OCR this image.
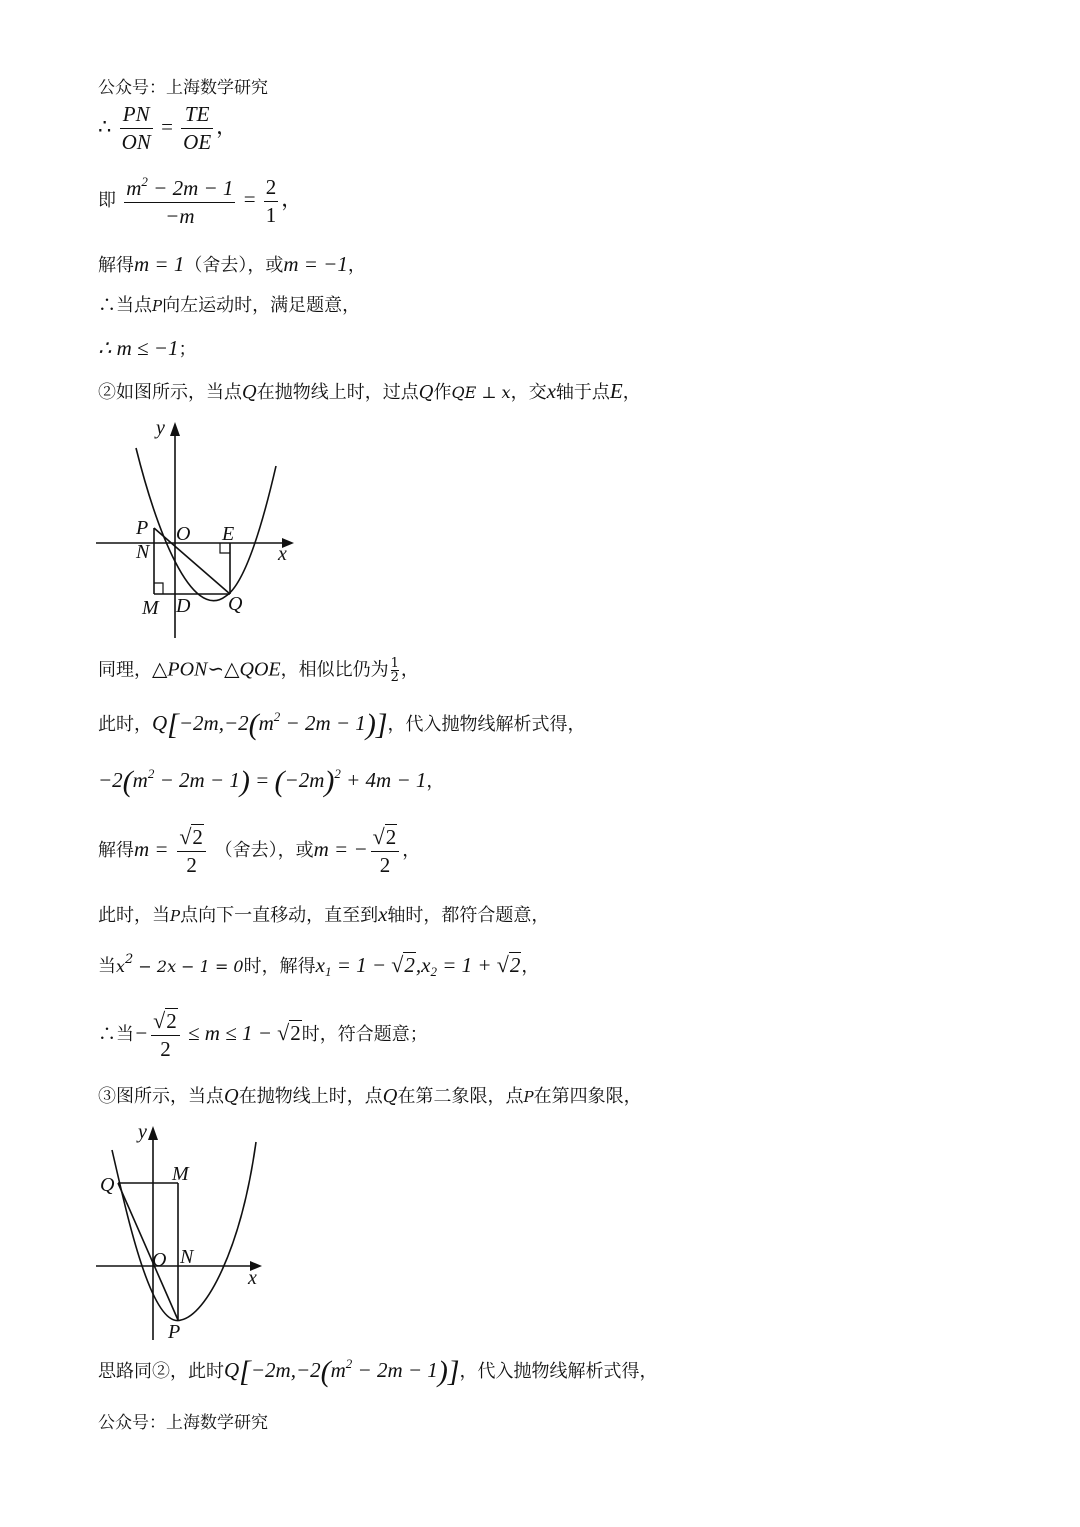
公众号：上海数学研究
∴ $\frac{PN}{ON} = \frac{TE}{OE}$ ，
即 $\frac{m^2 - 2m - 1}{-m} = \frac{2}{1}$ ，
解得m = 1（舍去），或m = −1，
∴当点P向左运动时，满足题意，
∴ m ≤ −1；
②如图所示，当点Q在抛物线上时，过点Q作QE ⊥ x，交x轴于点E，
y
x
P O E
N
M D Q
同理，△PON∽△QOE，相似比仍为 $\frac{1}{2}$ ，
此时，$Q[-2m,-2(m^2 - 2m - 1)]$，代入抛物线解析式得，
$-2(m^2 - 2m - 1) = (-2m)^2 + 4m - 1$，
解得$m = \frac{√2}{2}$ （舍去），或m = − $\frac{√2}{2}$ ，
此时，当P点向下一直移动，直至到x轴时，都符合题意，
当$x^2 - 2x - 1 = 0$时，解得$x_1 = 1 - √2,x_2 = 1 + √2$，
∴当− $\frac{√2}{2} \le m \le 1 - √2$时，符合题意；
③图所示，当点Q在抛物线上时，点Q在第二象限，点P在第四象限，
y
x
Q	M
O N
P
思路同②，此时$Q[-2m,-2(m^2 - 2m - 1)]$，代入抛物线解析式得，
公众号：上海数学研究
